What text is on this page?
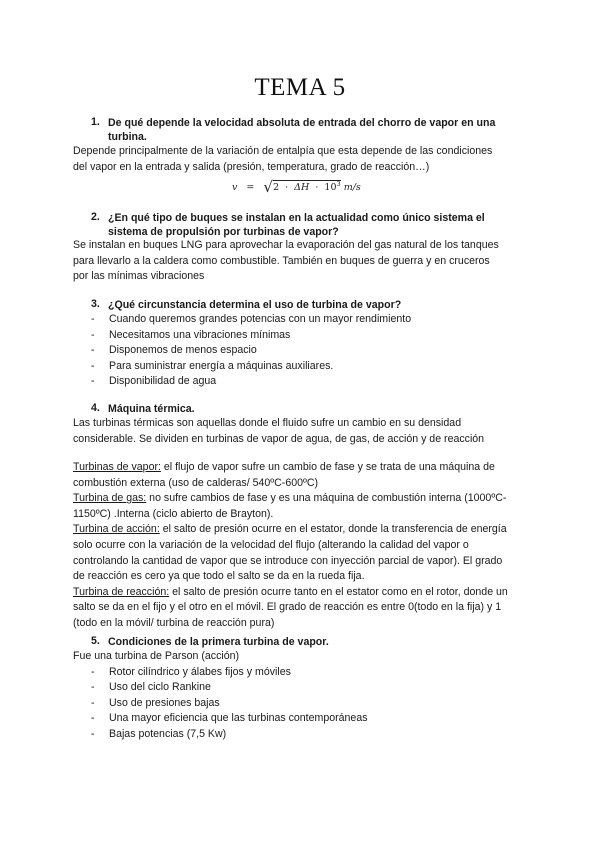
TEMA 5
1. De qué depende la velocidad absoluta de entrada del chorro de vapor en una
turbina.
Depende principalmente de la variación de entalpía que esta depende de las condiciones
del vapor en la entrada y salida (presión, temperatura, grado de reacción…)
$v = √2 \cdot \Delta H \cdot 10^3$ m/s
2. ¿En qué tipo de buques se instalan en la actualidad como único sistema el
sistema de propulsión por turbinas de vapor?
Se instalan en buques LNG para aprovechar la evaporación del gas natural de los tanques
para llevarlo a la caldera como combustible. También en buques de guerra y en cruceros
por las mínimas vibraciones
3. ¿Qué circunstancia determina el uso de turbina de vapor?
- Cuando queremos grandes potencias con un mayor rendimiento
- Necesitamos una vibraciones mínimas
- Disponemos de menos espacio
- Para suministrar energía a máquinas auxiliares.
- Disponibilidad de agua
4. Máquina térmica.
Las turbinas térmicas son aquellas donde el fluido sufre un cambio en su densidad
considerable. Se dividen en turbinas de vapor de agua, de gas, de acción y de reacción
Turbinas de vapor: el flujo de vapor sufre un cambio de fase y se trata de una máquina de
combustión externa (uso de calderas/ 540ºC-600ºC)
Turbina de gas: no sufre cambios de fase y es una máquina de combustión interna (1000ºC-
1150ºC) .Interna (ciclo abierto de Brayton).
Turbina de acción: el salto de presión ocurre en el estator, donde la transferencia de energía
solo ocurre con la variación de la velocidad del flujo (alterando la calidad del vapor o
controlando la cantidad de vapor que se introduce con inyección parcial de vapor). El grado
de reacción es cero ya que todo el salto se da en la rueda fija.
Turbina de reacción: el salto de presión ocurre tanto en el estator como en el rotor, donde un
salto se da en el fijo y el otro en el móvil. El grado de reacción es entre 0(todo en la fija) y 1
(todo en la móvil/ turbina de reacción pura)
5. Condiciones de la primera turbina de vapor.
Fue una turbina de Parson (acción)
- Rotor cilíndrico y álabes fijos y móviles
- Uso del ciclo Rankine
- Uso de presiones bajas
- Una mayor eficiencia que las turbinas contemporáneas
- Bajas potencias (7,5 Kw)
